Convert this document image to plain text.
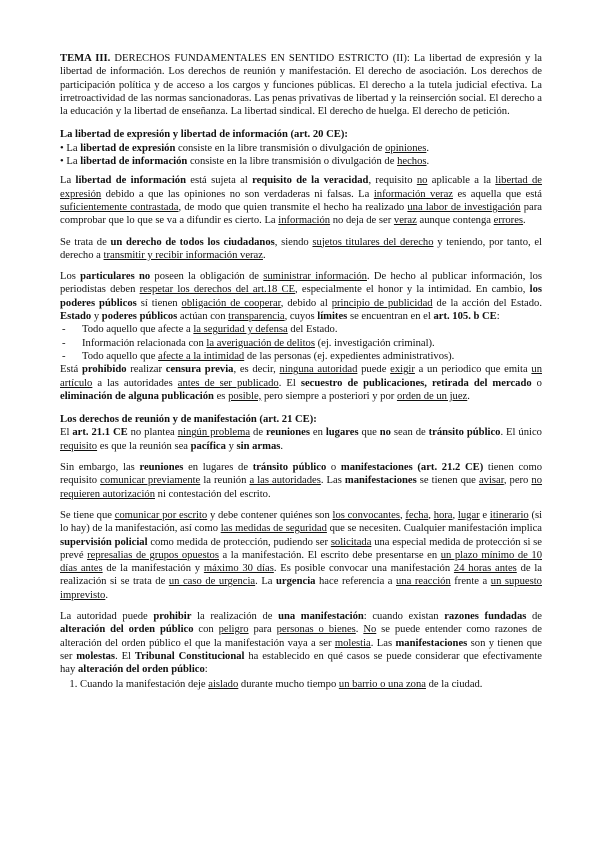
TEMA III. DERECHOS FUNDAMENTALES EN SENTIDO ESTRICTO (II): La libertad de expresión y la libertad de información. Los derechos de reunión y manifestación. El derecho de asociación. Los derechos de participación política y de acceso a los cargos y funciones públicas. El derecho a la tutela judicial efectiva. La irretroactividad de las normas sancionadoras. Las penas privativas de libertad y la reinserción social. El derecho a la educación y la libertad de enseñanza. La libertad sindical. El derecho de huelga. El derecho de petición.

La libertad de expresión y libertad de información (art. 20 CE):

• La libertad de expresión consiste en la libre transmisión o divulgación de opiniones.

• La libertad de información consiste en la libre transmisión o divulgación de hechos.

La libertad de información está sujeta al requisito de la veracidad, requisito no aplicable a la libertad de expresión debido a que las opiniones no son verdaderas ni falsas. La información veraz es aquella que está suficientemente contrastada, de modo que quien transmite el hecho ha realizado una labor de investigación para comprobar que lo que se va a difundir es cierto. La información no deja de ser veraz aunque contenga errores.

Se trata de un derecho de todos los ciudadanos, siendo sujetos titulares del derecho y teniendo, por tanto, el derecho a transmitir y recibir información veraz.

Los particulares no poseen la obligación de suministrar información. De hecho al publicar información, los periodistas deben respetar los derechos del art.18 CE, especialmente el honor y la intimidad. En cambio, los poderes públicos sí tienen obligación de cooperar, debido al principio de publicidad de la acción del Estado. Estado y poderes públicos actúan con transparencia, cuyos límites se encuentran en el art. 105. b CE:

- Todo aquello que afecte a la seguridad y defensa del Estado.
- Información relacionada con la averiguación de delitos (ej. investigación criminal).
- Todo aquello que afecte a la intimidad de las personas (ej. expedientes administrativos).

Está prohibido realizar censura previa, es decir, ninguna autoridad puede exigir a un periodico que emita un artículo a las autoridades antes de ser publicado. El secuestro de publicaciones, retirada del mercado o eliminación de alguna publicación es posible, pero siempre a posteriori y por orden de un juez.

Los derechos de reunión y de manifestación (art. 21 CE):

El art. 21.1 CE no plantea ningún problema de reuniones en lugares que no sean de tránsito público. El único requisito es que la reunión sea pacífica y sin armas.

Sin embargo, las reuniones en lugares de tránsito público o manifestaciones (art. 21.2 CE) tienen como requisito comunicar previamente la reunión a las autoridades. Las manifestaciones se tienen que avisar, pero no requieren autorización ni contestación del escrito.

Se tiene que comunicar por escrito y debe contener quiénes son los convocantes, fecha, hora, lugar e itinerario (si lo hay) de la manifestación, así como las medidas de seguridad que se necesiten. Cualquier manifestación implica supervisión policial como medida de protección, pudiendo ser solicitada una especial medida de protección si se prevé represalias de grupos opuestos a la manifestación. El escrito debe presentarse en un plazo mínimo de 10 días antes de la manifestación y máximo 30 días. Es posible convocar una manifestación 24 horas antes de la realización si se trata de un caso de urgencia. La urgencia hace referencia a una reacción frente a un supuesto imprevisto.

La autoridad puede prohibir la realización de una manifestación: cuando existan razones fundadas de alteración del orden público con peligro para personas o bienes. No se puede entender como razones de alteración del orden público el que la manifestación vaya a ser molestia. Las manifestaciones son y tienen que ser molestas. El Tribunal Constitucional ha establecido en qué casos se puede considerar que efectivamente hay alteración del orden público:

1. Cuando la manifestación deje aislado durante mucho tiempo un barrio o una zona de la ciudad.
